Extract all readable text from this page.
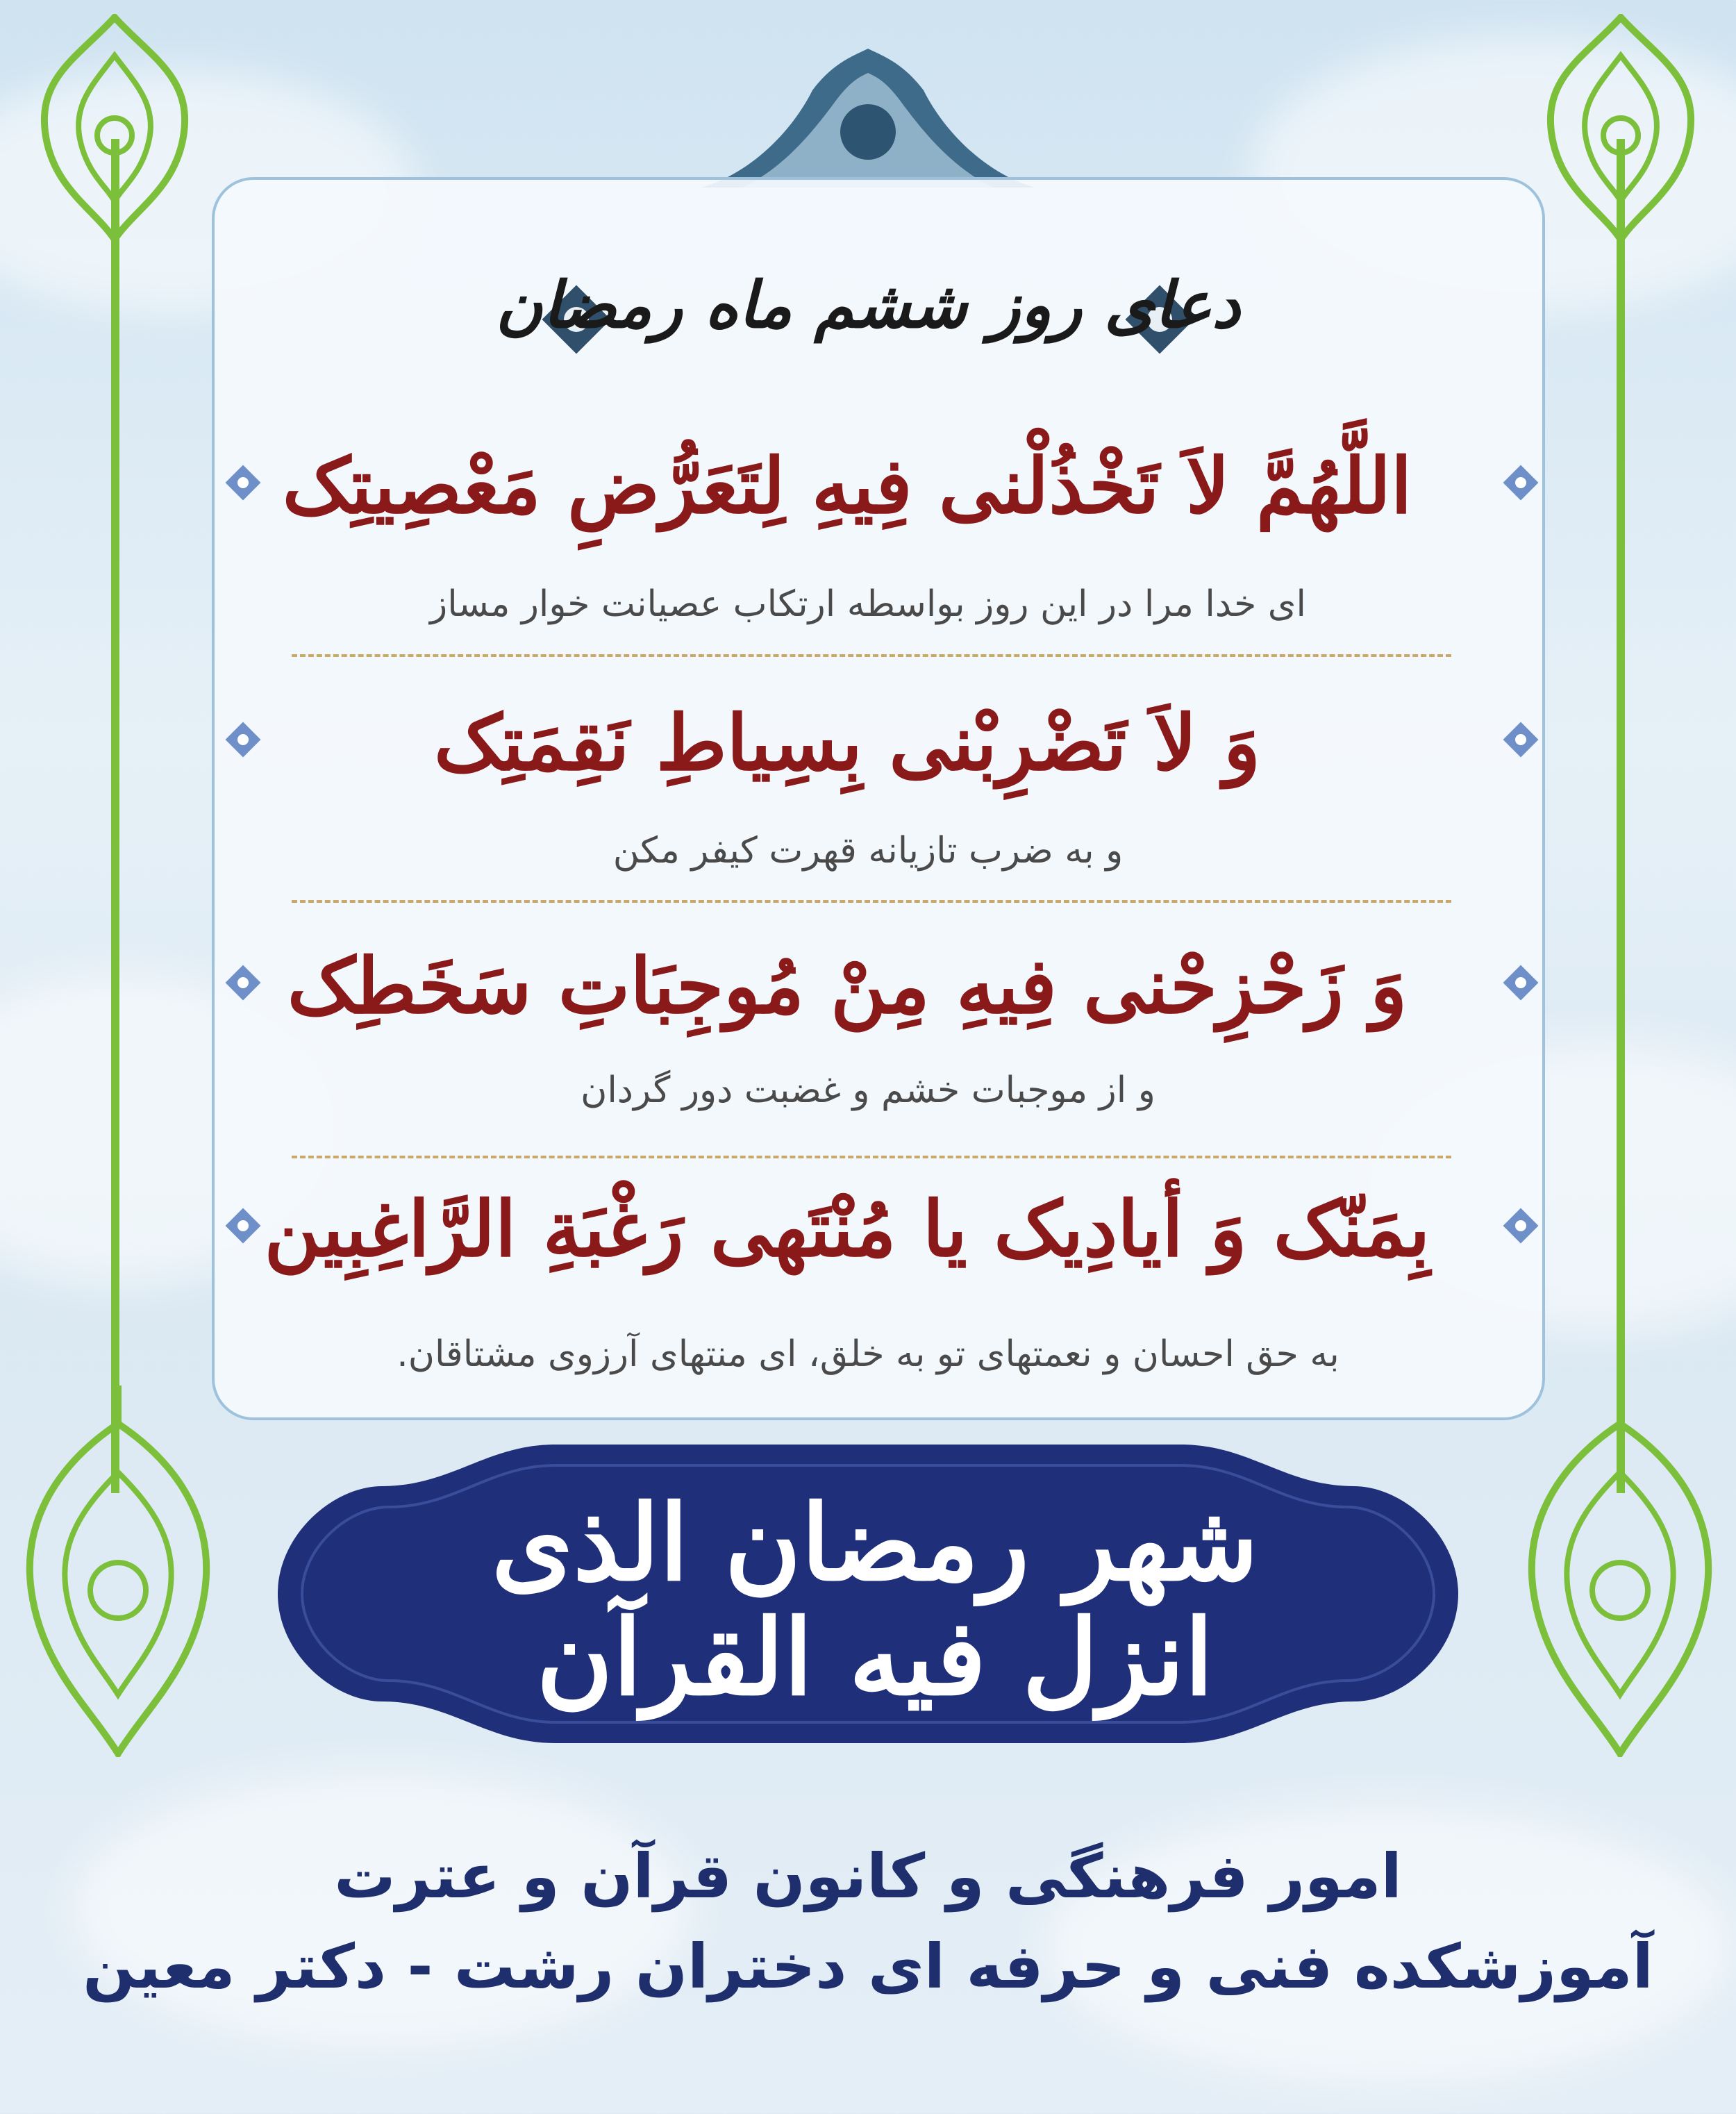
دعای روز ششم ماه رمضان
اللَّهُمَّ لاَ تَخْذُلْنی فِیهِ لِتَعَرُّضِ مَعْصِیتِک
ای خدا مرا در این روز بواسطه ارتکاب عصیانت خوار مساز
وَ لاَ تَضْرِبْنی بِسِیاطِ نَقِمَتِک
و به ضرب تازیانه قهرت کیفر مکن
وَ زَحْزِحْنی فِیهِ مِنْ مُوجِبَاتِ سَخَطِک
و از موجبات خشم و غضبت دور گردان
بِمَنّک وَ أیادِیک یا مُنْتَهی رَغْبَةِ الرَّاغِبِین
به حق احسان و نعمتهای تو به خلق، ای منتهای آرزوی مشتاقان.
شهر رمضان الذی انزل فیه القرآن
امور فرهنگی و کانون قرآن و عترت
آموزشکده فنی و حرفه ای دختران رشت - دکتر معین
